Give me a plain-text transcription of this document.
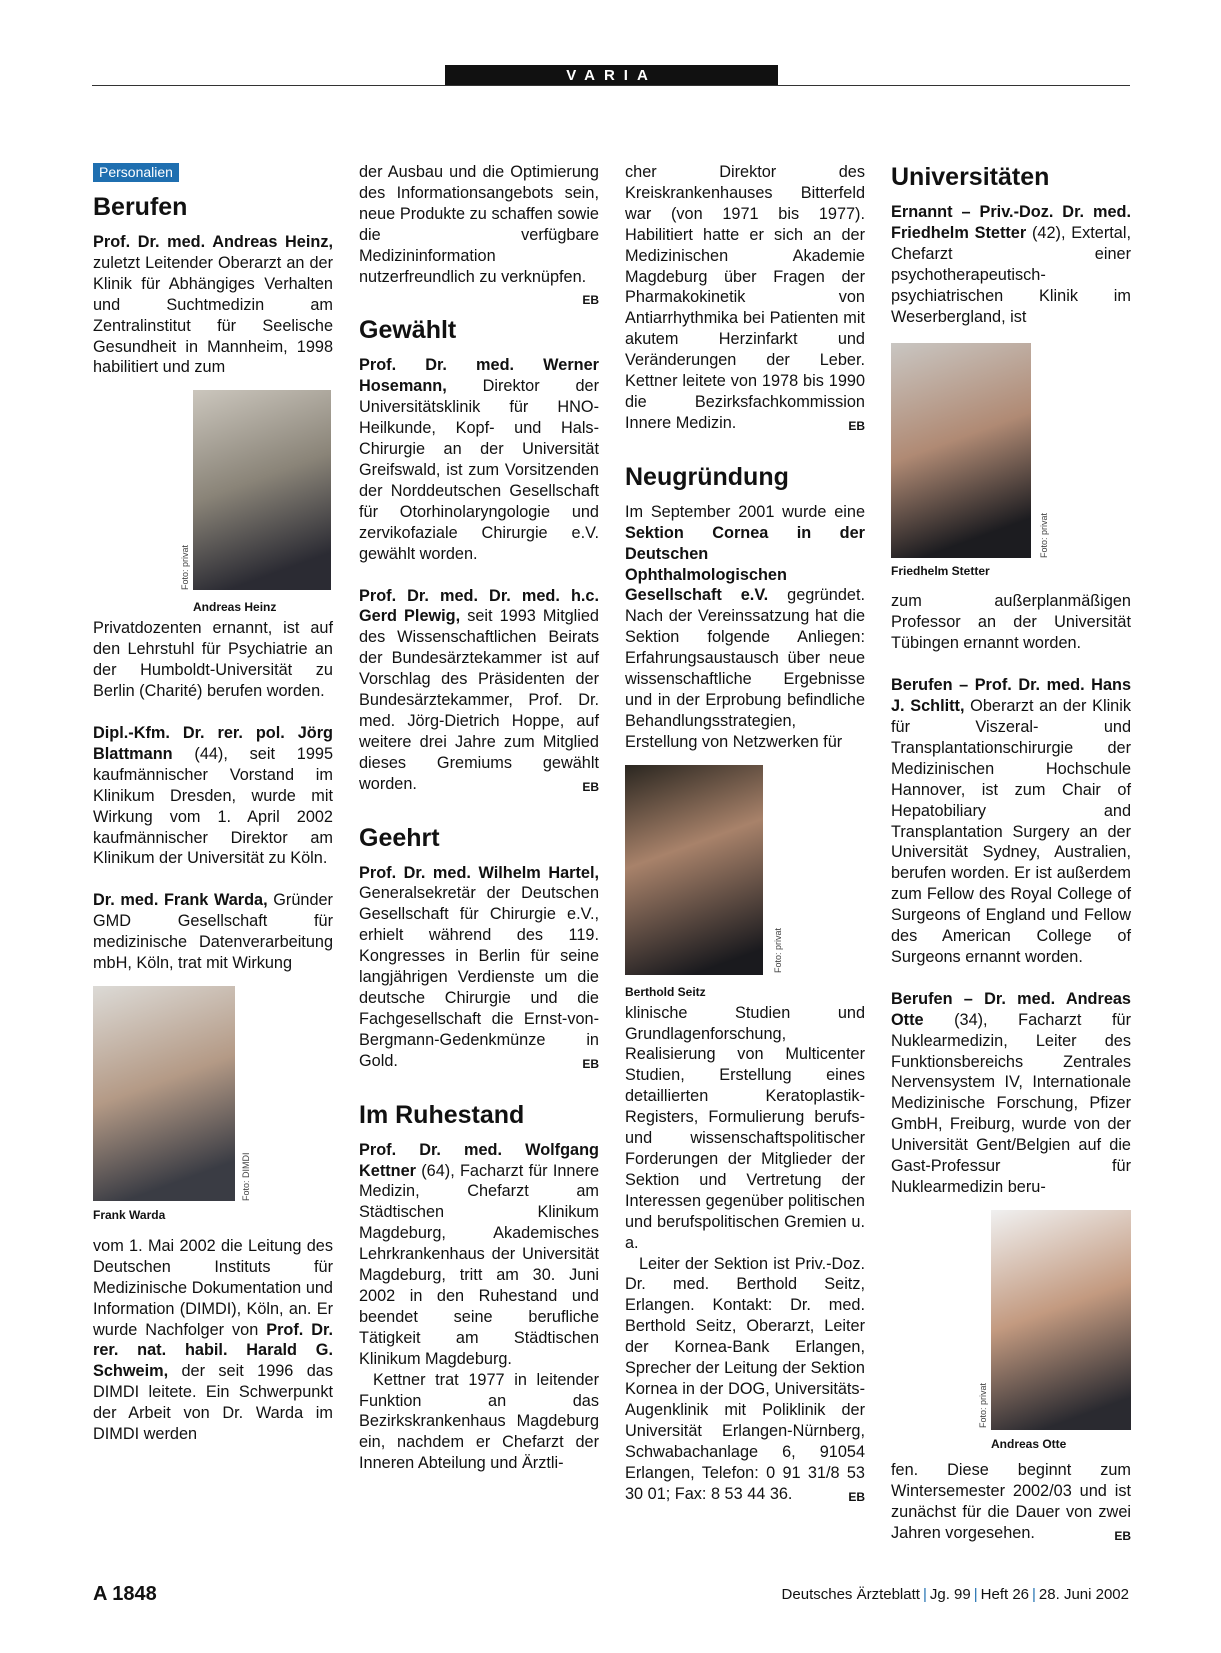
VARIA
Personalien
Berufen

Prof. Dr. med. Andreas Heinz, zuletzt Leitender Oberarzt an der Klinik für Abhängiges Verhalten und Suchtmedizin am Zentralinstitut für Seelische Gesundheit in Mannheim, 1998 habilitiert und zum

Foto: privat
Andreas Heinz

Privatdozenten ernannt, ist auf den Lehrstuhl für Psychiatrie an der Humboldt-Universität zu Berlin (Charité) berufen worden.

Dipl.-Kfm. Dr. rer. pol. Jörg Blattmann (44), seit 1995 kaufmännischer Vorstand im Klinikum Dresden, wurde mit Wirkung vom 1. April 2002 kaufmännischer Direktor am Klinikum der Universität zu Köln.

Dr. med. Frank Warda, Gründer GMD Gesellschaft für medizinische Datenverarbeitung mbH, Köln, trat mit Wirkung

Foto: DIMDI
Frank Warda

vom 1. Mai 2002 die Leitung des Deutschen Instituts für Medizinische Dokumentation und Information (DIMDI), Köln, an. Er wurde Nachfolger von Prof. Dr. rer. nat. habil. Harald G. Schweim, der seit 1996 das DIMDI leitete. Ein Schwerpunkt der Arbeit von Dr. Warda im DIMDI werden

der Ausbau und die Optimierung des Informationsangebots sein, neue Produkte zu schaffen sowie die verfügbare Medizininformation nutzerfreundlich zu verknüpfen.
EB

Gewählt

Prof. Dr. med. Werner Hosemann, Direktor der Universitätsklinik für HNO-Heilkunde, Kopf- und Hals-Chirurgie an der Universität Greifswald, ist zum Vorsitzenden der Norddeutschen Gesellschaft für Otorhinolaryngologie und zervikofaziale Chirurgie e.V. gewählt worden.

Prof. Dr. med. Dr. med. h.c. Gerd Plewig, seit 1993 Mitglied des Wissenschaftlichen Beirats der Bundesärztekammer ist auf Vorschlag des Präsidenten der Bundesärztekammer, Prof. Dr. med. Jörg-Dietrich Hoppe, auf weitere drei Jahre zum Mitglied dieses Gremiums gewählt worden.	EB

Geehrt

Prof. Dr. med. Wilhelm Hartel, Generalsekretär der Deutschen Gesellschaft für Chirurgie e.V., erhielt während des 119. Kongresses in Berlin für seine langjährigen Verdienste um die deutsche Chirurgie und die Fachgesellschaft die Ernst-von-Bergmann-Gedenkmünze in Gold.	EB

Im Ruhestand

Prof. Dr. med. Wolfgang Kettner (64), Facharzt für Innere Medizin, Chefarzt am Städtischen Klinikum Magdeburg, Akademisches Lehrkrankenhaus der Universität Magdeburg, tritt am 30. Juni 2002 in den Ruhestand und beendet seine berufliche Tätigkeit am Städtischen Klinikum Magdeburg.

Kettner trat 1977 in leitender Funktion an das Bezirkskrankenhaus Magdeburg ein, nachdem er Chefarzt der Inneren Abteilung und Ärztli-

cher Direktor des Kreiskrankenhauses Bitterfeld war (von 1971 bis 1977). Habilitiert hatte er sich an der Medizinischen Akademie Magdeburg über Fragen der Pharmakokinetik von Antiarrhythmika bei Patienten mit akutem Herzinfarkt und Veränderungen der Leber. Kettner leitete von 1978 bis 1990 die Bezirksfachkommission Innere Medizin.	EB

Neugründung

Im September 2001 wurde eine Sektion Cornea in der Deutschen Ophthalmologischen Gesellschaft e.V. gegründet. Nach der Vereinssatzung hat die Sektion folgende Anliegen: Erfahrungsaustausch über neue wissenschaftliche Ergebnisse und in der Erprobung befindliche Behandlungsstrategien, Erstellung von Netzwerken für

Foto: privat
Berthold Seitz

klinische Studien und Grundlagenforschung, Realisierung von Multicenter Studien, Erstellung eines detaillierten Keratoplastik-Registers, Formulierung berufs- und wissenschaftspolitischer Forderungen der Mitglieder der Sektion und Vertretung der Interessen gegenüber politischen und berufspolitischen Gremien u. a.

Leiter der Sektion ist Priv.-Doz. Dr. med. Berthold Seitz, Erlangen. Kontakt: Dr. med. Berthold Seitz, Oberarzt, Leiter der Kornea-Bank Erlangen, Sprecher der Leitung der Sektion Kornea in der DOG, Universitäts-Augenklinik mit Poliklinik der Universität Erlangen-Nürnberg, Schwabachanlage 6, 91054 Erlangen, Telefon: 0 91 31/8 53 30 01; Fax: 8 53 44 36.	EB

Universitäten

Ernannt – Priv.-Doz. Dr. med. Friedhelm Stetter (42), Extertal, Chefarzt einer psychotherapeutisch-psychiatrischen Klinik im Weserbergland, ist

Foto: privat
Friedhelm Stetter

zum außerplanmäßigen Professor an der Universität Tübingen ernannt worden.

Berufen – Prof. Dr. med. Hans J. Schlitt, Oberarzt an der Klinik für Viszeral- und Transplantationschirurgie der Medizinischen Hochschule Hannover, ist zum Chair of Hepatobiliary and Transplantation Surgery an der Universität Sydney, Australien, berufen worden. Er ist außerdem zum Fellow des Royal College of Surgeons of England und Fellow des American College of Surgeons ernannt worden.

Berufen – Dr. med. Andreas Otte (34), Facharzt für Nuklearmedizin, Leiter des Funktionsbereichs Zentrales Nervensystem IV, Internationale Medizinische Forschung, Pfizer GmbH, Freiburg, wurde von der Universität Gent/Belgien auf die Gast-Professur für Nuklearmedizin beru-

Foto: privat
Andreas Otte

fen. Diese beginnt zum Wintersemester 2002/03 und ist zunächst für die Dauer von zwei Jahren vorgesehen.	EB

A 1848	Deutsches Ärzteblatt | Jg. 99 | Heft 26 | 28. Juni 2002
